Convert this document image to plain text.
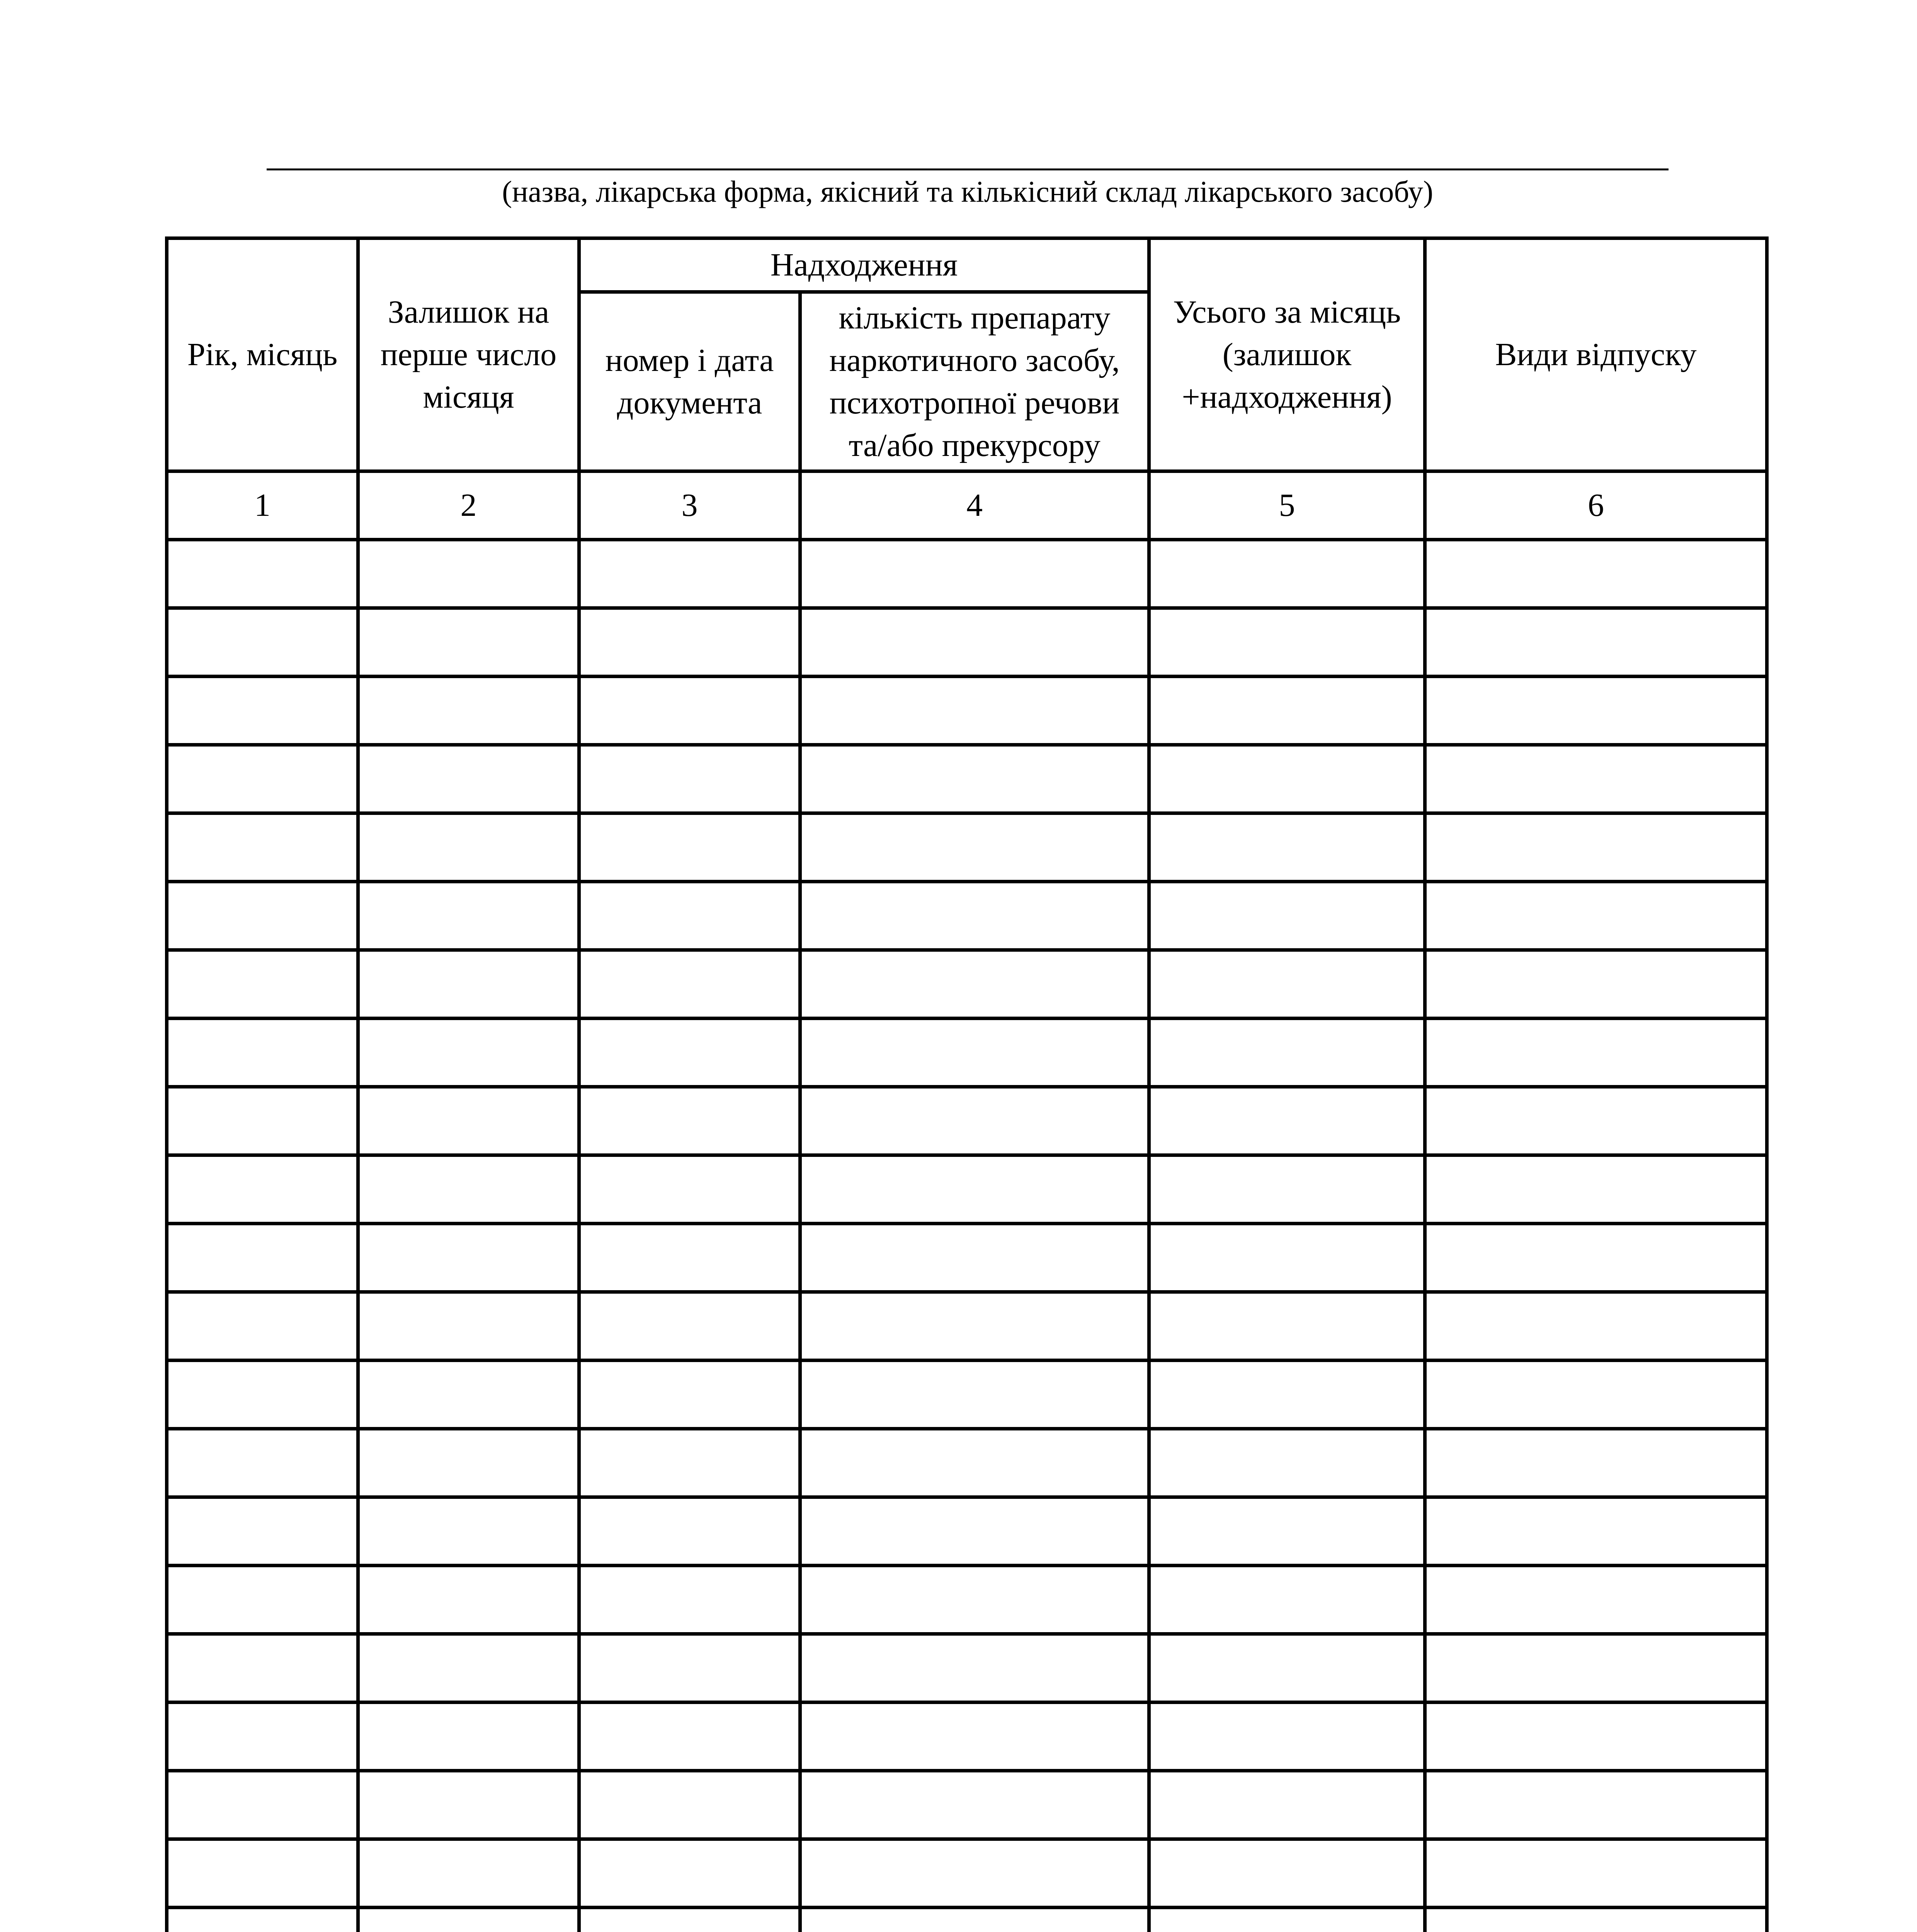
(назва, лікарська форма, якісний та кількісний склад лікарського засобу)
Рік, місяць	Залишок на перше число місяця	Надходження		Усього за місяць (залишок +надходження)	Види відпуску
		номер і дата документа	кількість препарату наркотичного засобу, психотропної речови та/або прекурсору		
1	2	3	4	5	6
